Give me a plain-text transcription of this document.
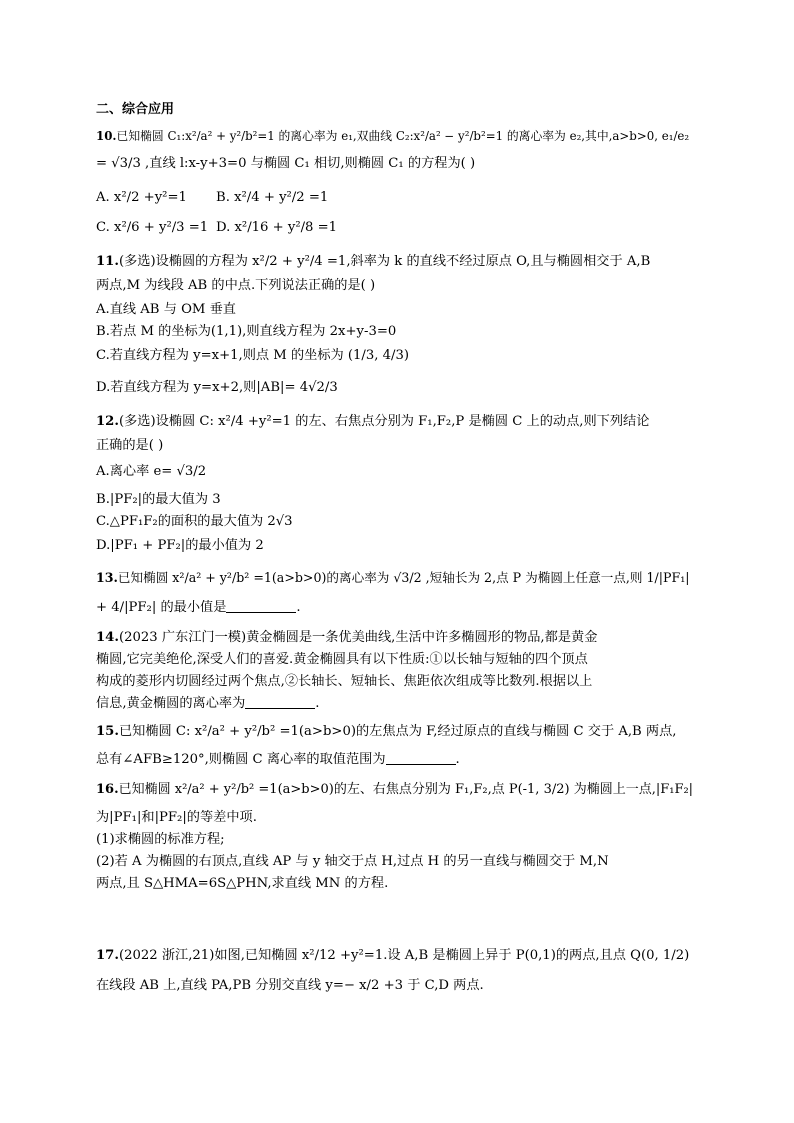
二、综合应用
10.已知椭圆 C₁:x²/a² + y²/b²=1 的离心率为 e₁,双曲线 C₂:x²/a² − y²/b²=1 的离心率为 e₂,其中,a>b>0, e₁/e₂
= √3/3 ,直线 l:x-y+3=0 与椭圆 C₁ 相切,则椭圆 C₁ 的方程为( )
A. x²/2 +y²=1 B. x²/4 + y²/2 =1
C. x²/6 + y²/3 =1 D. x²/16 + y²/8 =1
11.(多选)设椭圆的方程为 x²/2 + y²/4 =1,斜率为 k 的直线不经过原点 O,且与椭圆相交于 A,B
两点,M 为线段 AB 的中点.下列说法正确的是( )
A.直线 AB 与 OM 垂直
B.若点 M 的坐标为(1,1),则直线方程为 2x+y-3=0
C.若直线方程为 y=x+1,则点 M 的坐标为 (1/3, 4/3)
D.若直线方程为 y=x+2,则|AB|= 4√2/3
12.(多选)设椭圆 C: x²/4 +y²=1 的左、右焦点分别为 F₁,F₂,P 是椭圆 C 上的动点,则下列结论
正确的是( )
A.离心率 e= √3/2
B.|PF₂|的最大值为 3
C.△PF₁F₂的面积的最大值为 2√3
D.|PF₁ + PF₂|的最小值为 2
13.已知椭圆 x²/a² + y²/b² =1(a>b>0)的离心率为 √3/2 ,短轴长为 2,点 P 为椭圆上任意一点,则 1/|PF₁|
+ 4/|PF₂| 的最小值是	.
14.(2023 广东江门一模)黄金椭圆是一条优美曲线,生活中许多椭圆形的物品,都是黄金
椭圆,它完美绝伦,深受人们的喜爱.黄金椭圆具有以下性质:①以长轴与短轴的四个顶点
构成的菱形内切圆经过两个焦点,②长轴长、短轴长、焦距依次组成等比数列.根据以上
信息,黄金椭圆的离心率为	.
15.已知椭圆 C: x²/a² + y²/b² =1(a>b>0)的左焦点为 F,经过原点的直线与椭圆 C 交于 A,B 两点,
总有∠AFB≥120°,则椭圆 C 离心率的取值范围为	.
16.已知椭圆 x²/a² + y²/b² =1(a>b>0)的左、右焦点分别为 F₁,F₂,点 P(-1, 3/2) 为椭圆上一点,|F₁F₂|
为|PF₁|和|PF₂|的等差中项.
(1)求椭圆的标准方程;
(2)若 A 为椭圆的右顶点,直线 AP 与 y 轴交于点 H,过点 H 的另一直线与椭圆交于 M,N
两点,且 S△HMA=6S△PHN,求直线 MN 的方程.
17.(2022 浙江,21)如图,已知椭圆 x²/12 +y²=1.设 A,B 是椭圆上异于 P(0,1)的两点,且点 Q(0, 1/2)
在线段 AB 上,直线 PA,PB 分别交直线 y=− x/2 +3 于 C,D 两点.
